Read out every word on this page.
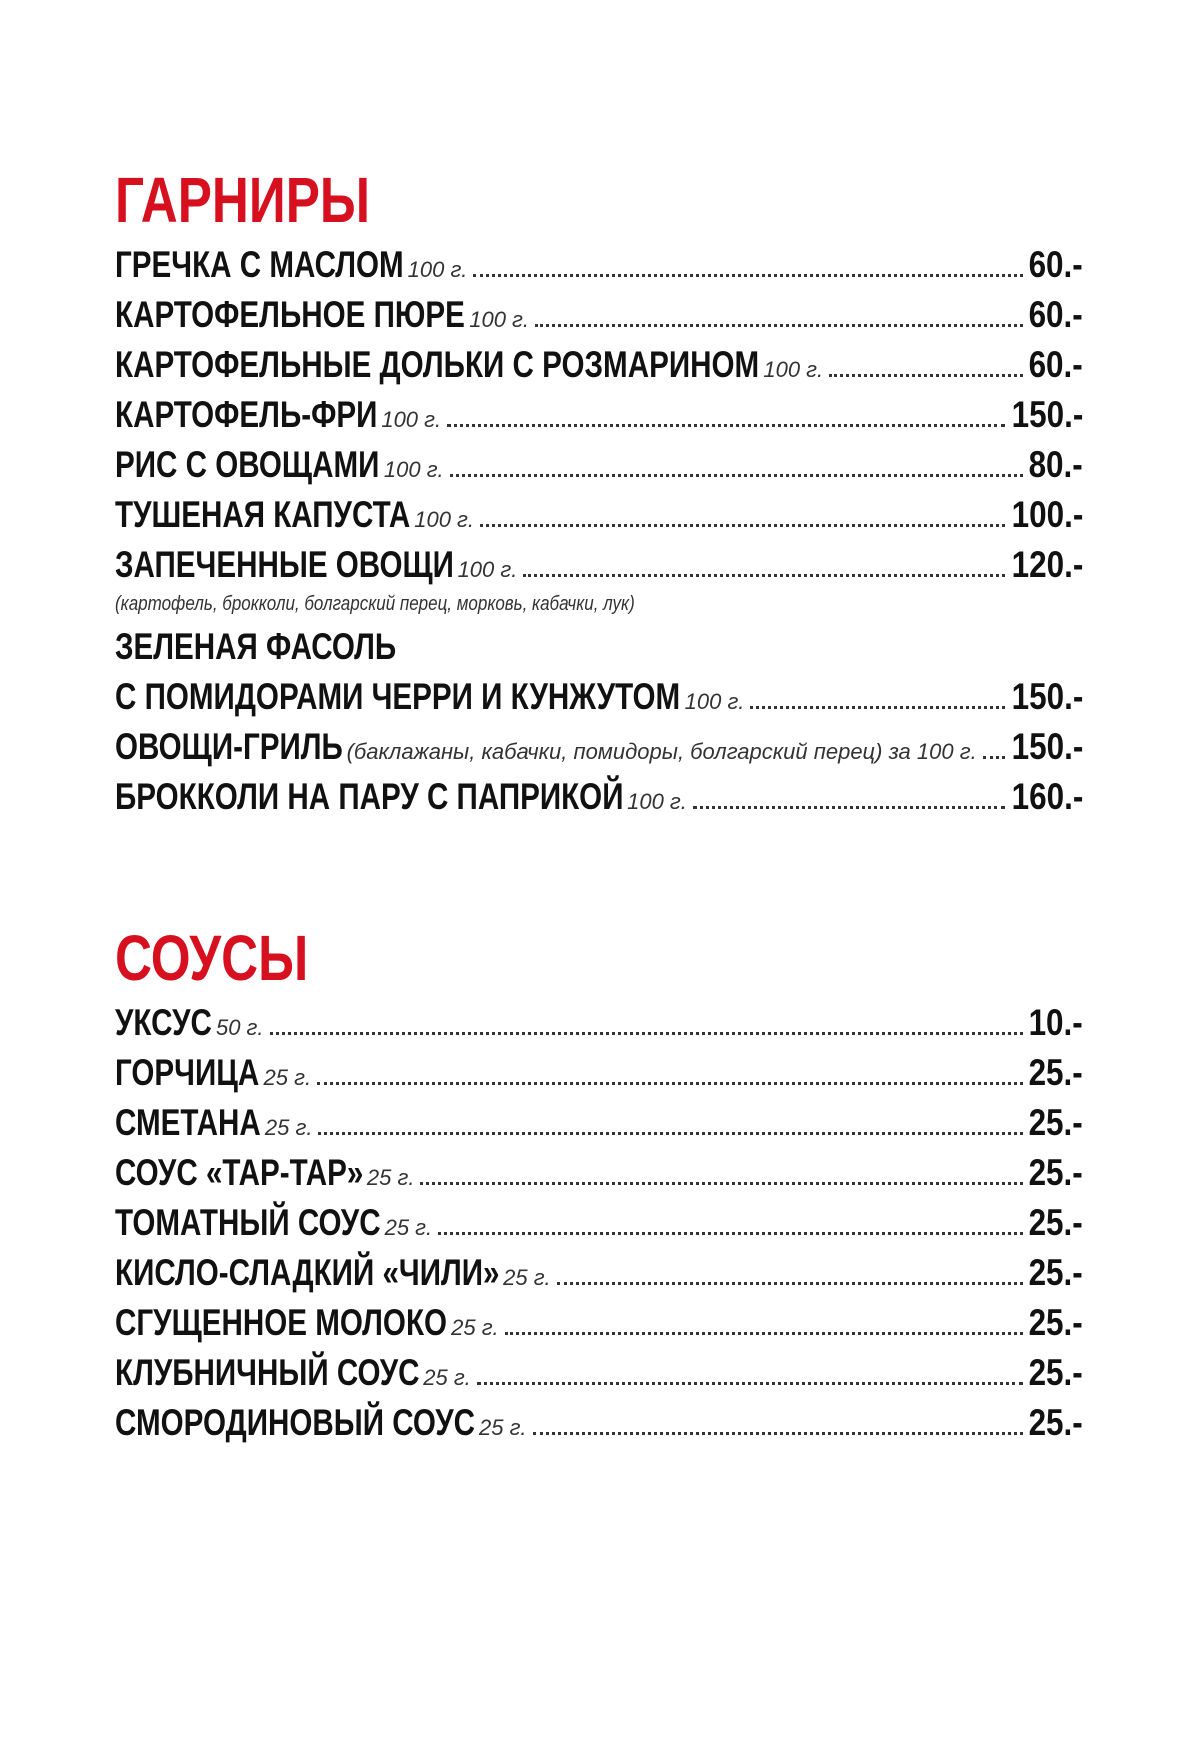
ГАРНИРЫ
ГРЕЧКА С МАСЛОМ 100 г.	60.-
КАРТОФЕЛЬНОЕ ПЮРЕ 100 г.	60.-
КАРТОФЕЛЬНЫЕ ДОЛЬКИ С РОЗМАРИНОМ 100 г.	60.-
КАРТОФЕЛЬ-ФРИ 100 г.	150.-
РИС С ОВОЩАМИ 100 г.	80.-
ТУШЕНАЯ КАПУСТА 100 г.	100.-
ЗАПЕЧЕННЫЕ ОВОЩИ 100 г.	120.-
(картофель, брокколи, болгарский перец, морковь, кабачки, лук)
ЗЕЛЕНАЯ ФАСОЛЬ
С ПОМИДОРАМИ ЧЕРРИ И КУНЖУТОМ 100 г.	150.-
ОВОЩИ-ГРИЛЬ (баклажаны, кабачки, помидоры, болгарский перец) за 100 г. 150.-
БРОККОЛИ НА ПАРУ С ПАПРИКОЙ 100 г.	160.-
СОУСЫ
УКСУС 50 г.	10.-
ГОРЧИЦА 25 г.	25.-
СМЕТАНА 25 г.	25.-
СОУС «ТАР-ТАР» 25 г.	25.-
ТОМАТНЫЙ СОУС 25 г.	25.-
КИСЛО-СЛАДКИЙ «ЧИЛИ» 25 г.	25.-
СГУЩЕННОЕ МОЛОКО 25 г.	25.-
КЛУБНИЧНЫЙ СОУС 25 г.	25.-
СМОРОДИНОВЫЙ СОУС 25 г.	25.-
